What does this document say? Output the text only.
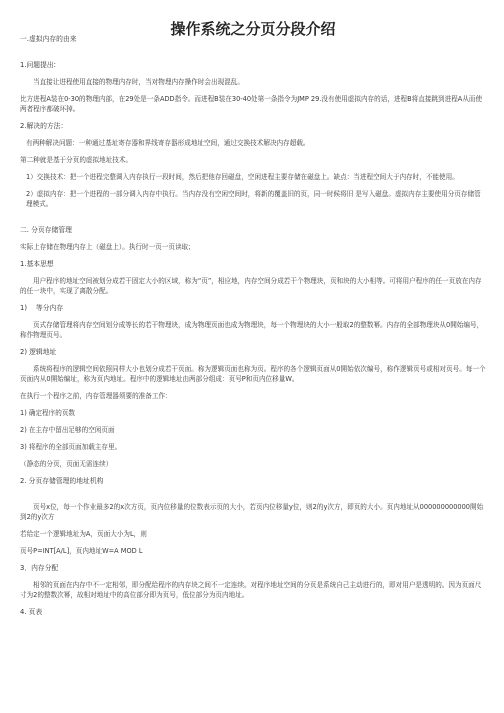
操作系统之分页分段介绍

一.虚拟内存的由来

1.问题提出:

当直接让进程使用直接的物理内存时，当对物理内存操作时会出现混乱。

比方进程A装在0-30的物理内部，在29处是一条ADD指令。而进程B装在30-40处第一条指令为JMP 29.没有使用虚拟内存的话，进程B将直接跳到进程A从而使两者程序都破坏掉。

2.解决的方法：

有两种解决问题：一种通过基址寄存器和界线寄存器形成地址空间，通过交换技术解决内存超载。

第二种就是基于分页的虚拟地址技术。

1）交换技术：把一个进程完整调入内存执行一段时间，然后把他存回磁盘，空闲进程主要存储在磁盘上。缺点：当进程空间大于内存时，不能使用。

2）虚拟内存：把一个进程的一部分调入内存中执行。当内存没有空闲空间时，将新的覆盖旧的页，同一时候将旧 是写入磁盘。虚拟内存主要使用分页存储管理模式。

二. 分页存储管理

实际上存储在物理内存上（磁盘上）。执行时一页一页读取；

1.基本思想

用户程序的地址空间被划分成若干固定大小的区域，称为“页”，相应地，内存空间分成若干个物理块，页和块的大小相等。可将用户程序的任一页放在内存的任一块中，实现了离散分配。

1)　 等分内存

页式存储管理将内存空间划分成等长的若干物理块，成为物理页面也成为物理块，每一个物理块的大小一般取2的整数幂。内存的全部物理块从0開始编号，称作物理页号。

2) 逻辑地址

系统将程序的逻辑空间依照同样大小也划分成若干页面。称为逻辑页面也称为页。程序的各个逻辑页面从0開始依次编号，称作逻辑页号或相对页号。每一个页面内从0開始编址，称为页内地址。程序中的逻辑地址由两部分组成：页号P和页内位移量W。

在执行一个程序之前，内存管理器须要的准备工作：

1) 确定程序的页数

2) 在主存中留出足够的空闲页面

3) 将程序的全部页面加载主存里。

（静态的分页，页面无需连续）

2. 分页存储管理的地址机构

页号x位，每一个作业最多2的x次方页，页内位移量的位数表示页的大小，若页内位移量y位，则2的y次方，即页的大小。页内地址从000000000000開始到2的y次方

若给定一个逻辑地址为A，页面大小为L，则

页号P=INT[A/L]，页内地址W=A MOD L

3．内存分配

相邻的页面在内存中不一定相邻，即分配给程序的内存块之间不一定连续。对程序地址空间的分页是系统自己主动进行的，即对用户是透明的。因为页面尺寸为2的整数次幂，故相对地址中的高位部分即为页号，低位部分为页内地址。

4. 页表
